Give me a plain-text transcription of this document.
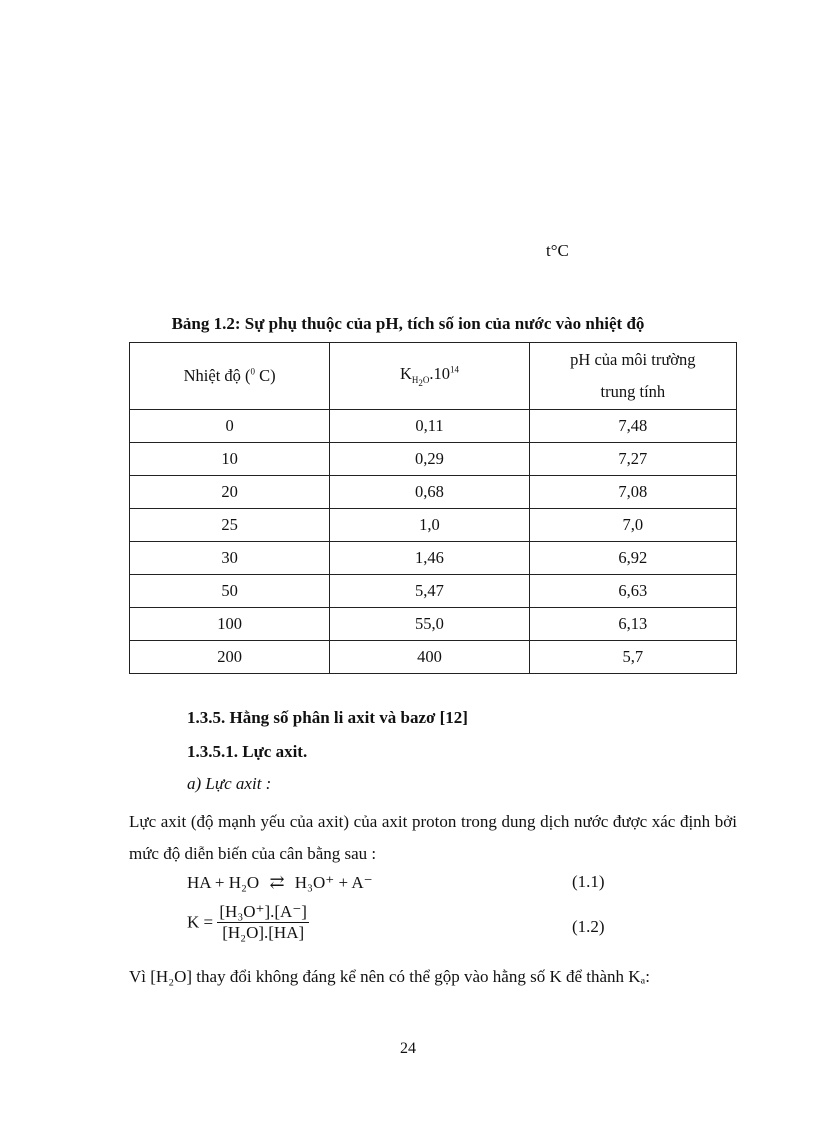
t°C
Bảng 1.2: Sự phụ thuộc của pH, tích số ion của nước vào nhiệt độ
Nhiệt độ ($^0$ C)	$K_{H_2O}.10^{14}$	pH của môi trường
trung tính

0	0,11	7,48
10	0,29	7,27
20	0,68	7,08
25	1,0	7,0
30	1,46	6,92
50	5,47	6,63
100	55,0	6,13
200	400	5,7
1.3.5. Hằng số phân li axit và bazơ [12]
1.3.5.1. Lực axit.
a) Lực axit :
Lực axit (độ mạnh yếu của axit) của axit proton trong dung dịch nước được xác định bởi mức độ diễn biến của cân bằng sau :
HA + H₂O ⇄ H₃O⁺ + A⁻	(1.1)
$K = \frac{\text{[H₃O⁺].[A⁻]}}{\text{[H₂O].[HA]}}$	(1.2)
Vì [H₂O] thay đổi không đáng kể nên có thể gộp vào hằng số K để thành Kₐ:
24
